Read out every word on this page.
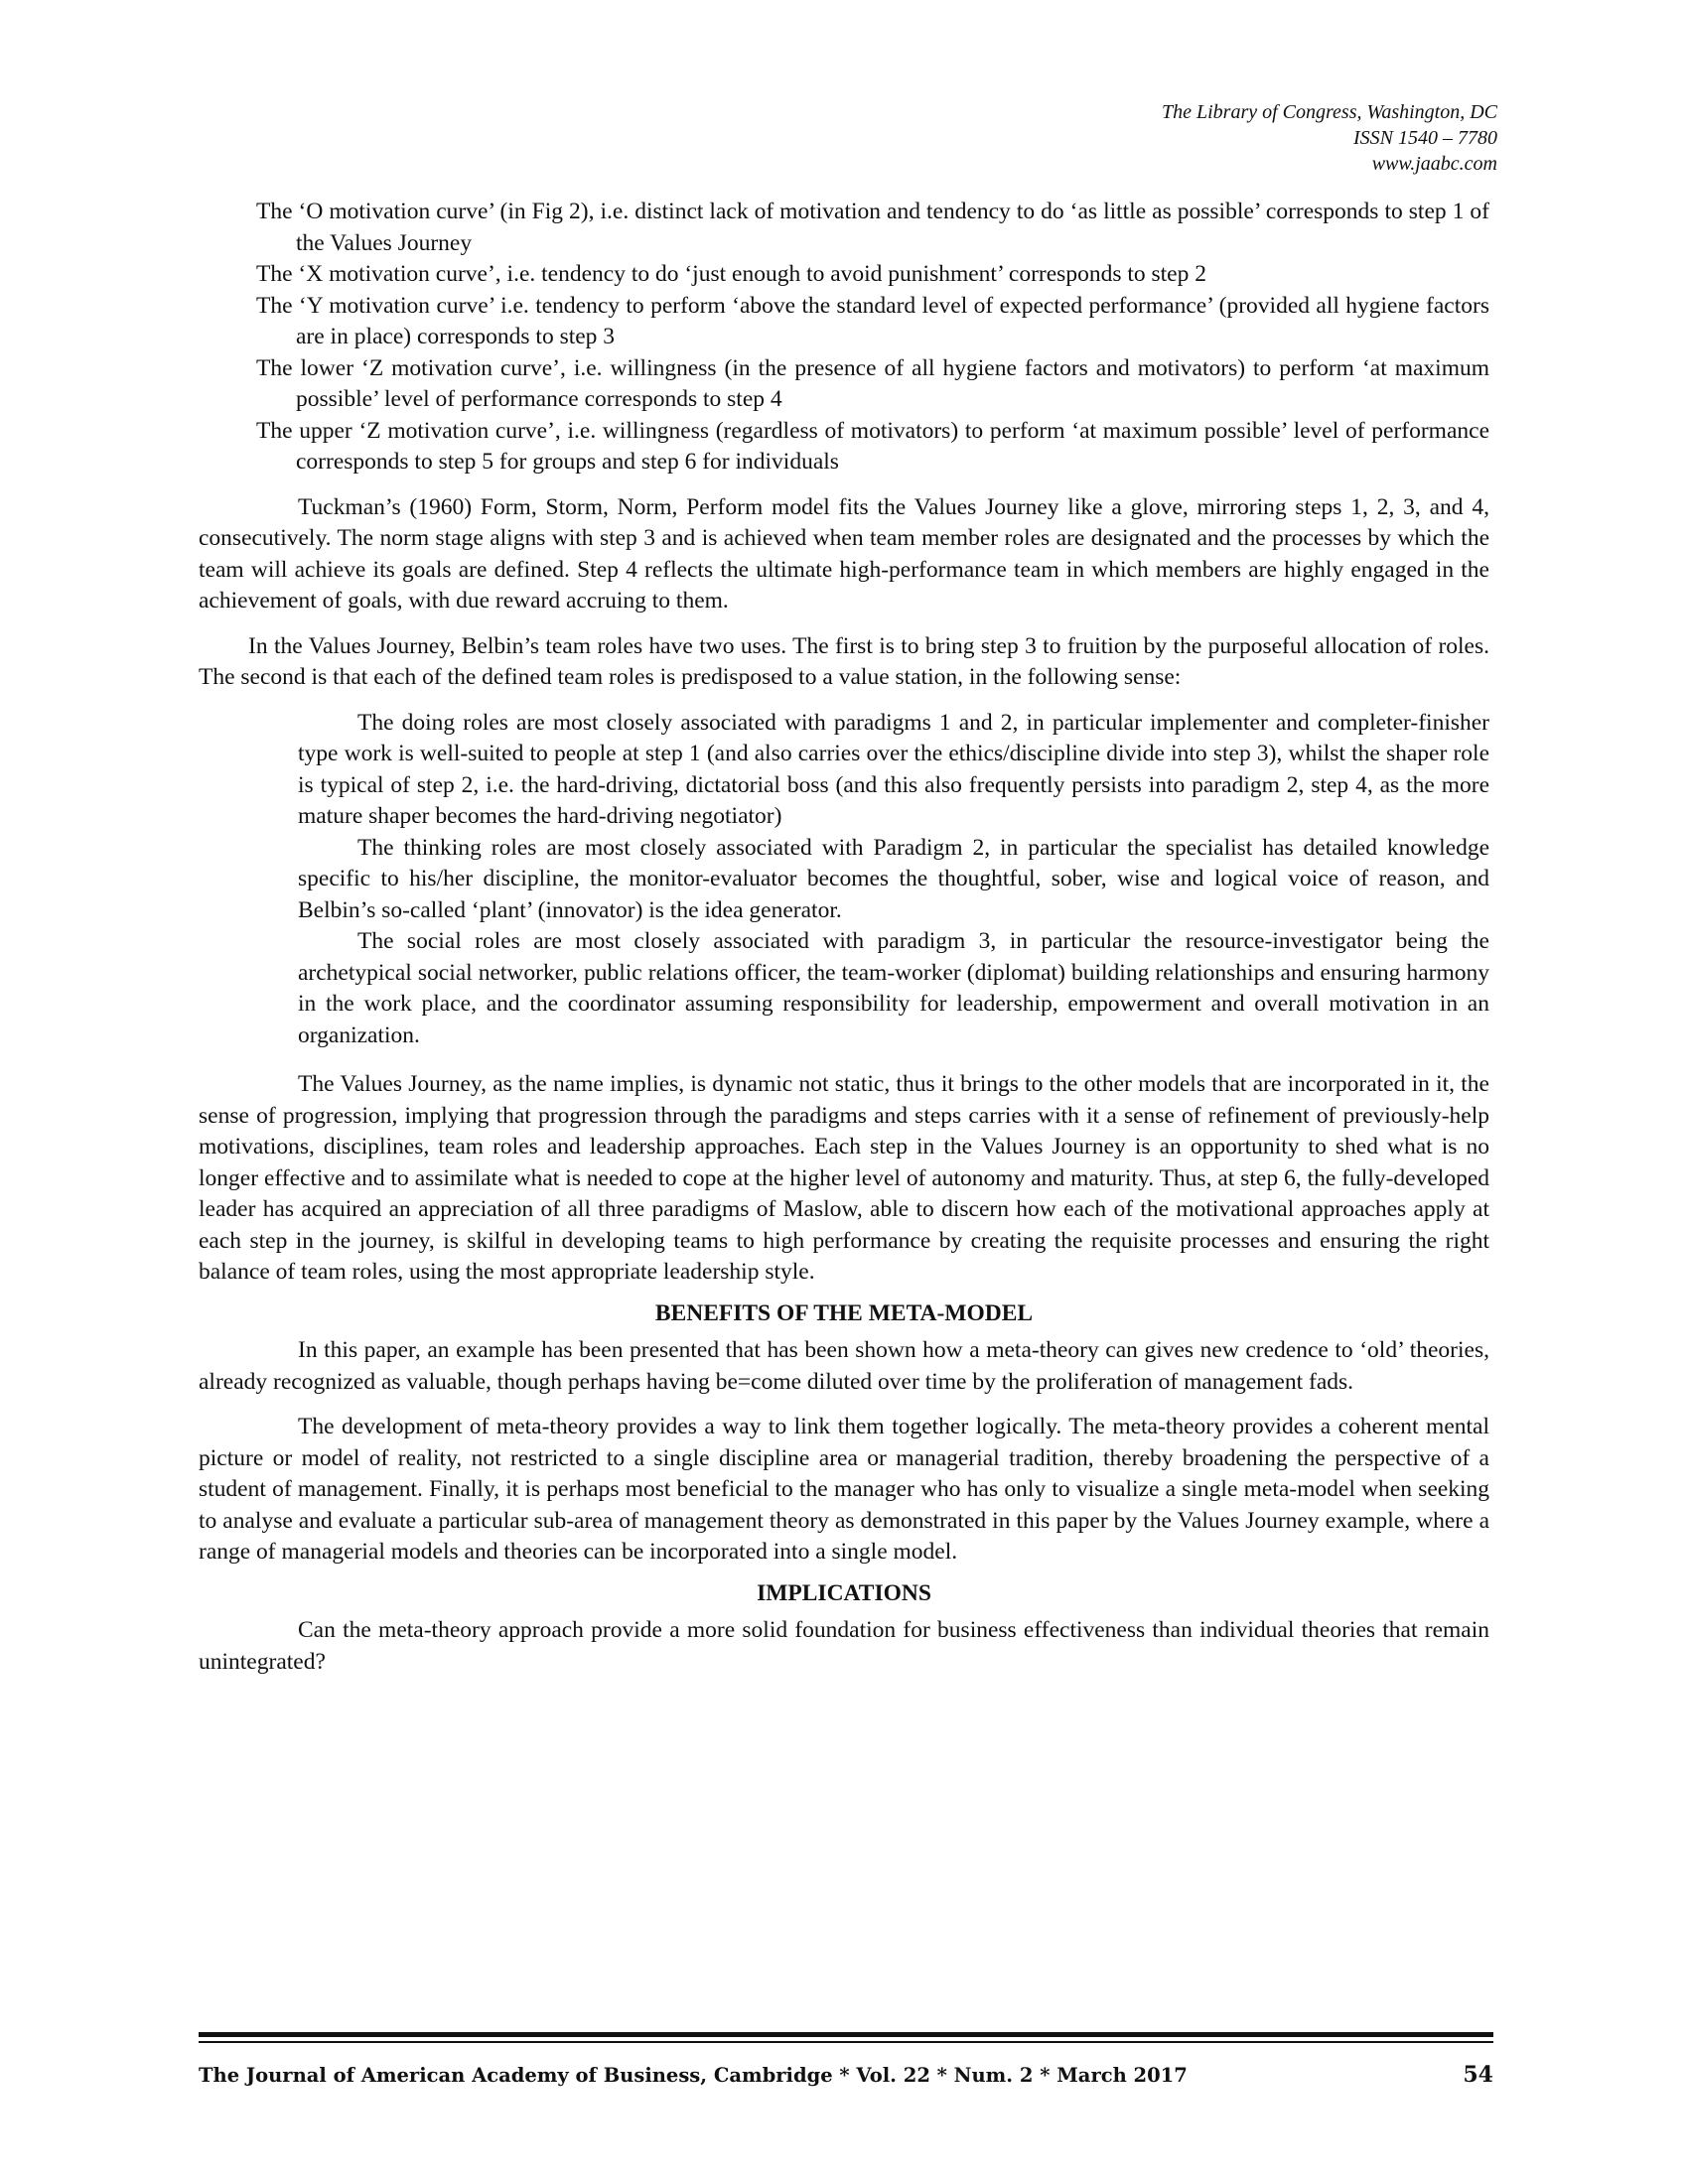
The Library of Congress, Washington, DC
ISSN 1540 – 7780
www.jaabc.com
The ‘O motivation curve’ (in Fig 2), i.e. distinct lack of motivation and tendency to do ‘as little as possible’ corresponds to step 1 of the Values Journey
The ‘X motivation curve’, i.e. tendency to do ‘just enough to avoid punishment’ corresponds to step 2
The ‘Y motivation curve’ i.e. tendency to perform ‘above the standard level of expected performance’ (provided all hygiene factors are in place) corresponds to step 3
The lower ‘Z motivation curve’, i.e. willingness (in the presence of all hygiene factors and motivators) to perform ‘at maximum possible’ level of performance corresponds to step 4
The upper ‘Z motivation curve’, i.e. willingness (regardless of motivators) to perform ‘at maximum possible’ level of performance corresponds to step 5 for groups and step 6 for individuals

Tuckman’s (1960) Form, Storm, Norm, Perform model fits the Values Journey like a glove, mirroring steps 1, 2, 3, and 4, consecutively. The norm stage aligns with step 3 and is achieved when team member roles are designated and the processes by which the team will achieve its goals are defined. Step 4 reflects the ultimate high-performance team in which members are highly engaged in the achievement of goals, with due reward accruing to them.

In the Values Journey, Belbin’s team roles have two uses. The first is to bring step 3 to fruition by the purposeful allocation of roles. The second is that each of the defined team roles is predisposed to a value station, in the following sense:

The doing roles are most closely associated with paradigms 1 and 2, in particular implementer and completer-finisher type work is well-suited to people at step 1 (and also carries over the ethics/discipline divide into step 3), whilst the shaper role is typical of step 2, i.e. the hard-driving, dictatorial boss (and this also frequently persists into paradigm 2, step 4, as the more mature shaper becomes the hard-driving negotiator)
The thinking roles are most closely associated with Paradigm 2, in particular the specialist has detailed knowledge specific to his/her discipline, the monitor-evaluator becomes the thoughtful, sober, wise and logical voice of reason, and Belbin’s so-called ‘plant’ (innovator) is the idea generator.
The social roles are most closely associated with paradigm 3, in particular the resource-investigator being the archetypical social networker, public relations officer, the team-worker (diplomat) building relationships and ensuring harmony in the work place, and the coordinator assuming responsibility for leadership, empowerment and overall motivation in an organization.

The Values Journey, as the name implies, is dynamic not static, thus it brings to the other models that are incorporated in it, the sense of progression, implying that progression through the paradigms and steps carries with it a sense of refinement of previously-help motivations, disciplines, team roles and leadership approaches. Each step in the Values Journey is an opportunity to shed what is no longer effective and to assimilate what is needed to cope at the higher level of autonomy and maturity. Thus, at step 6, the fully-developed leader has acquired an appreciation of all three paradigms of Maslow, able to discern how each of the motivational approaches apply at each step in the journey, is skilful in developing teams to high performance by creating the requisite processes and ensuring the right balance of team roles, using the most appropriate leadership style.

BENEFITS OF THE META-MODEL

In this paper, an example has been presented that has been shown how a meta-theory can gives new credence to ‘old’ theories, already recognized as valuable, though perhaps having be=come diluted over time by the proliferation of management fads.

The development of meta-theory provides a way to link them together logically. The meta-theory provides a coherent mental picture or model of reality, not restricted to a single discipline area or managerial tradition, thereby broadening the perspective of a student of management. Finally, it is perhaps most beneficial to the manager who has only to visualize a single meta-model when seeking to analyse and evaluate a particular sub-area of management theory as demonstrated in this paper by the Values Journey example, where a range of managerial models and theories can be incorporated into a single model.

IMPLICATIONS

Can the meta-theory approach provide a more solid foundation for business effectiveness than individual theories that remain unintegrated?

The Journal of American Academy of Business, Cambridge * Vol. 22 * Num. 2 * March 2017	54
